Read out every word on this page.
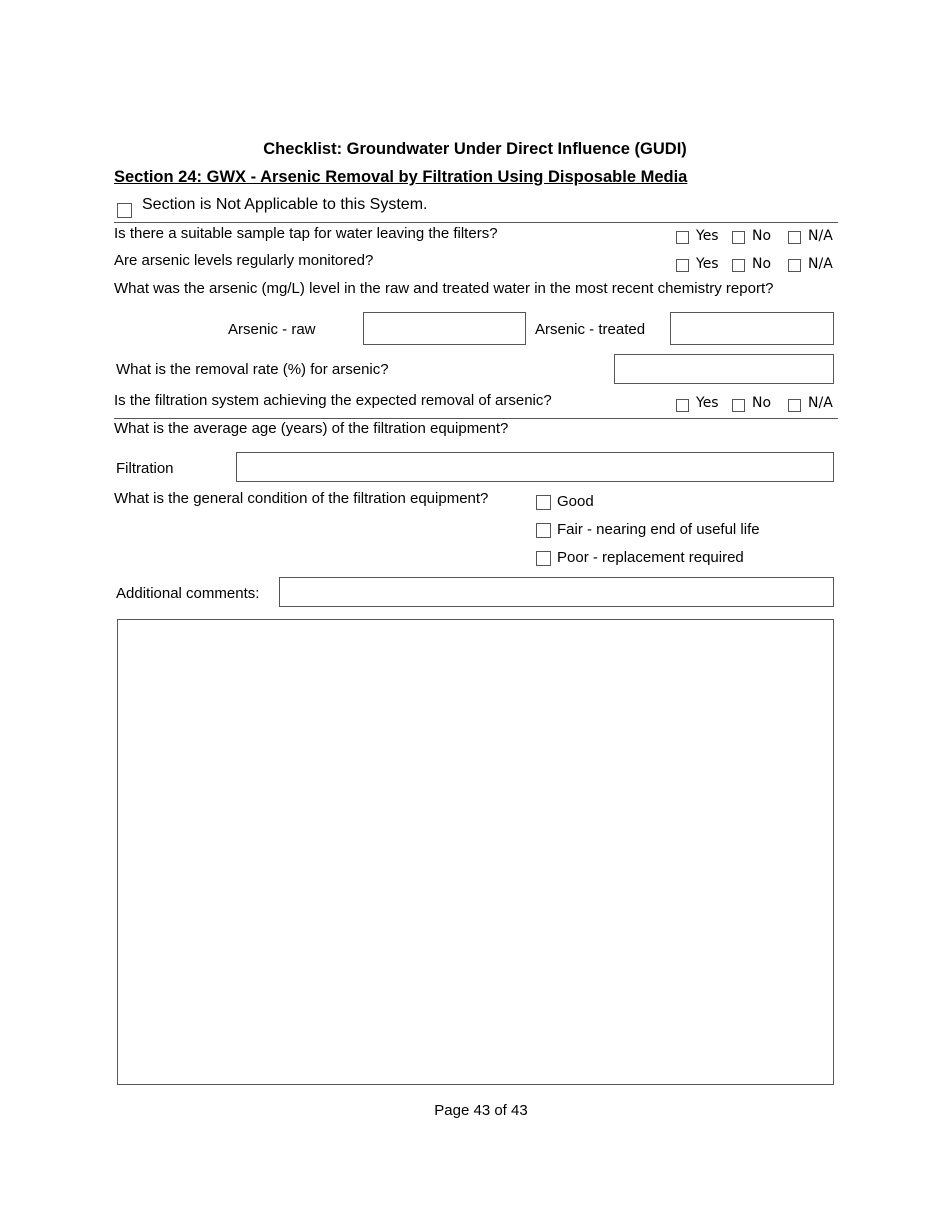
Checklist: Groundwater Under Direct Influence (GUDI)
Section 24: GWX - Arsenic Removal by Filtration Using Disposable Media
Section is Not Applicable to this System.
Is there a suitable sample tap for water leaving the filters?	Yes No	N/A
Are arsenic levels regularly monitored?	Yes No	N/A
What was the arsenic (mg/L) level in the raw and treated water in the most recent chemistry report?
Arsenic - raw	Arsenic - treated
What is the removal rate (%) for arsenic?
Is the filtration system achieving the expected removal of arsenic?	Yes No	N/A
What is the average age (years) of the filtration equipment?
Filtration
What is the general condition of the filtration equipment?	Good
Fair - nearing end of useful life
Poor - replacement required
Additional comments:
Page 43 of 43
